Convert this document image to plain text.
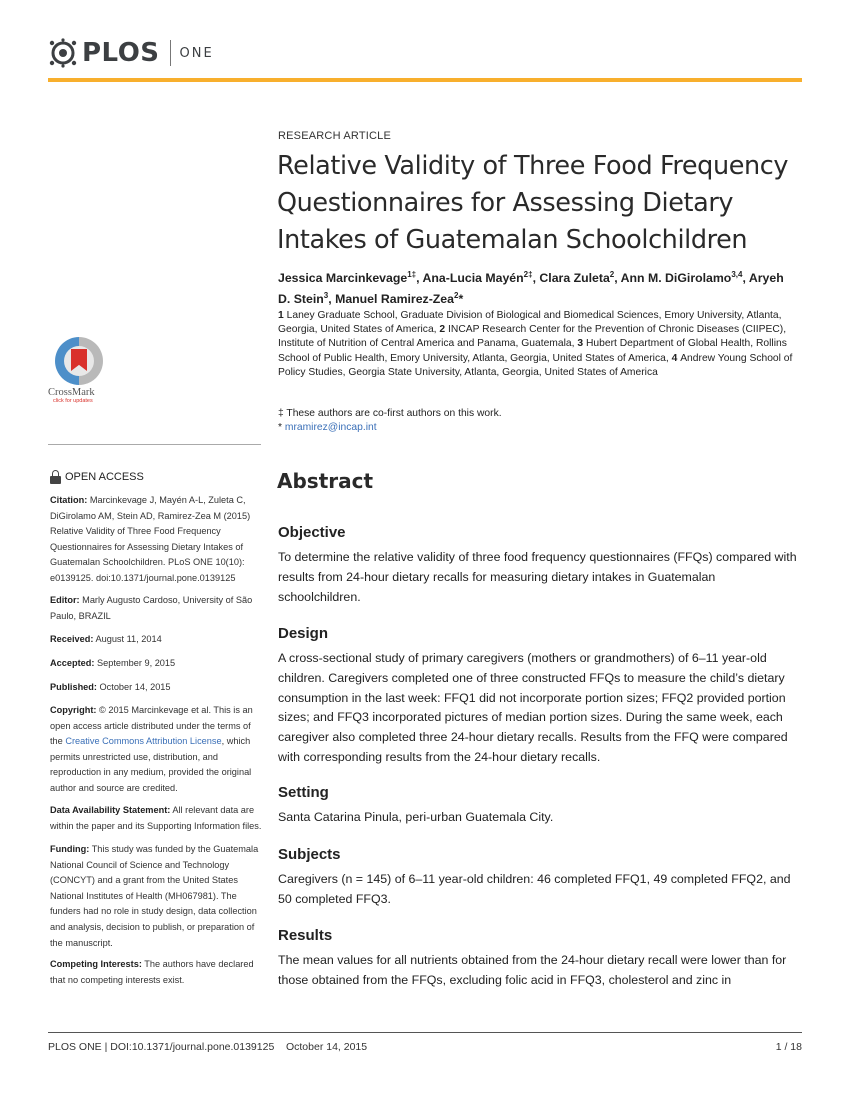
PLOS ONE
RESEARCH ARTICLE
Relative Validity of Three Food Frequency Questionnaires for Assessing Dietary Intakes of Guatemalan Schoolchildren
Jessica Marcinkevage$^{1\ddagger}$, Ana-Lucia Mayén$^{2\ddagger}$, Clara Zuleta$^2$, Ann M. DiGirolamo$^{3,4}$, Aryeh D. Stein$^3$, Manuel Ramirez-Zea$^2$*
1 Laney Graduate School, Graduate Division of Biological and Biomedical Sciences, Emory University, Atlanta, Georgia, United States of America, 2 INCAP Research Center for the Prevention of Chronic Diseases (CIIPEC), Institute of Nutrition of Central America and Panama, Guatemala, 3 Hubert Department of Global Health, Rollins School of Public Health, Emory University, Atlanta, Georgia, United States of America, 4 Andrew Young School of Policy Studies, Georgia State University, Atlanta, Georgia, United States of America
‡ These authors are co-first authors on this work.
* mramirez@incap.int
CrossMark
click for updates
OPEN ACCESS
Citation: Marcinkevage J, Mayén A-L, Zuleta C, DiGirolamo AM, Stein AD, Ramirez-Zea M (2015) Relative Validity of Three Food Frequency Questionnaires for Assessing Dietary Intakes of Guatemalan Schoolchildren. PLoS ONE 10(10): e0139125. doi:10.1371/journal.pone.0139125
Editor: Marly Augusto Cardoso, University of São Paulo, BRAZIL
Received: August 11, 2014
Accepted: September 9, 2015
Published: October 14, 2015
Copyright: © 2015 Marcinkevage et al. This is an open access article distributed under the terms of the Creative Commons Attribution License, which permits unrestricted use, distribution, and reproduction in any medium, provided the original author and source are credited.
Data Availability Statement: All relevant data are within the paper and its Supporting Information files.
Funding: This study was funded by the Guatemala National Council of Science and Technology (CONCYT) and a grant from the United States National Institutes of Health (MH067981). The funders had no role in study design, data collection and analysis, decision to publish, or preparation of the manuscript.
Competing Interests: The authors have declared that no competing interests exist.
Abstract
Objective

To determine the relative validity of three food frequency questionnaires (FFQs) compared with results from 24-hour dietary recalls for measuring dietary intakes in Guatemalan schoolchildren.

Design

A cross-sectional study of primary caregivers (mothers or grandmothers) of 6–11 year-old children. Caregivers completed one of three constructed FFQs to measure the child’s dietary consumption in the last week: FFQ1 did not incorporate portion sizes; FFQ2 provided portion sizes; and FFQ3 incorporated pictures of median portion sizes. During the same week, each caregiver also completed three 24-hour dietary recalls. Results from the FFQ were compared with corresponding results from the 24-hour dietary recalls.

Setting

Santa Catarina Pinula, peri-urban Guatemala City.

Subjects

Caregivers (n = 145) of 6–11 year-old children: 46 completed FFQ1, 49 completed FFQ2, and 50 completed FFQ3.

Results

The mean values for all nutrients obtained from the 24-hour dietary recall were lower than for those obtained from the FFQs, excluding folic acid in FFQ3, cholesterol and zinc in

PLOS ONE | DOI:10.1371/journal.pone.0139125    October 14, 2015	1 / 18
